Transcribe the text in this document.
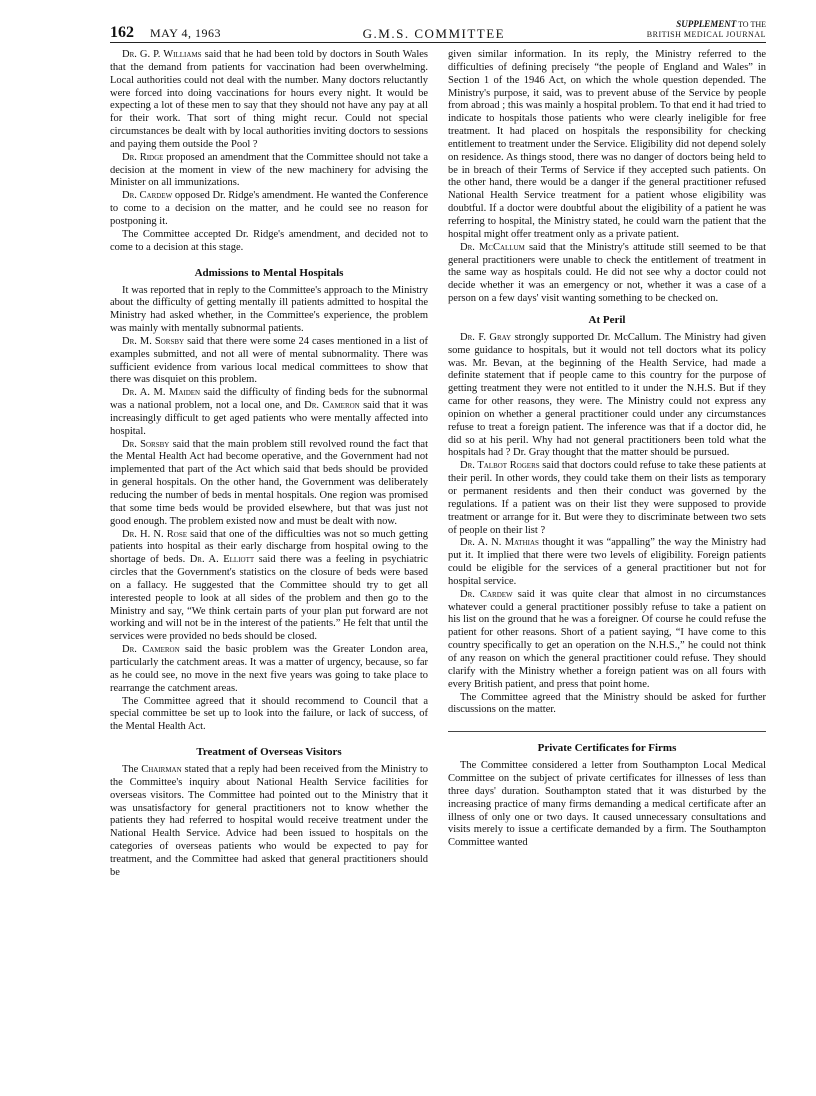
162 MAY 4, 1963	G.M.S. COMMITTEE
SUPPLEMENT TO THE
BRITISH MEDICAL JOURNAL

Dr. G. P. Williams said that he had been told by doctors in South Wales that the demand from patients for vaccination had been overwhelming. Local authorities could not deal with the number. Many doctors reluctantly were forced into doing vaccinations for hours every night. It would be expecting a lot of these men to say that they should not have any pay at all for their work. That sort of thing might recur. Could not special circumstances be dealt with by local authorities inviting doctors to sessions and paying them outside the Pool ?

Dr. Ridge proposed an amendment that the Committee should not take a decision at the moment in view of the new machinery for advising the Minister on all immunizations.

Dr. Cardew opposed Dr. Ridge's amendment. He wanted the Conference to come to a decision on the matter, and he could see no reason for postponing it.

The Committee accepted Dr. Ridge's amendment, and decided not to come to a decision at this stage.

Admissions to Mental Hospitals

It was reported that in reply to the Committee's approach to the Ministry about the difficulty of getting mentally ill patients admitted to hospital the Ministry had asked whether, in the Committee's experience, the problem was mainly with mentally subnormal patients.

Dr. M. Sorsby said that there were some 24 cases mentioned in a list of examples submitted, and not all were of mental subnormality. There was sufficient evidence from various local medical committees to show that there was disquiet on this problem.

Dr. A. M. Maiden said the difficulty of finding beds for the subnormal was a national problem, not a local one, and Dr. Cameron said that it was increasingly difficult to get aged patients who were mentally affected into hospital.

Dr. Sorsby said that the main problem still revolved round the fact that the Mental Health Act had become operative, and the Government had not implemented that part of the Act which said that beds should be provided in general hospitals. On the other hand, the Government was deliberately reducing the number of beds in mental hospitals. One region was promised that some time beds would be provided elsewhere, but that was just not good enough. The problem existed now and must be dealt with now.

Dr. H. N. Rose said that one of the difficulties was not so much getting patients into hospital as their early discharge from hospital owing to the shortage of beds. Dr. A. Elliott said there was a feeling in psychiatric circles that the Government's statistics on the closure of beds were based on a fallacy. He suggested that the Committee should try to get all interested people to look at all sides of the problem and then go to the Ministry and say, “We think certain parts of your plan put forward are not working and will not be in the interest of the patients.” He felt that until the services were provided no beds should be closed.

Dr. Cameron said the basic problem was the Greater London area, particularly the catchment areas. It was a matter of urgency, because, so far as he could see, no move in the next five years was going to take place to rearrange the catchment areas.

The Committee agreed that it should recommend to Council that a special committee be set up to look into the failure, or lack of success, of the Mental Health Act.

Treatment of Overseas Visitors

The Chairman stated that a reply had been received from the Ministry to the Committee's inquiry about National Health Service facilities for overseas visitors. The Committee had pointed out to the Ministry that it was unsatisfactory for general practitioners not to know whether the patients they had referred to hospital would receive treatment under the National Health Service. Advice had been issued to hospitals on the categories of overseas patients who would be expected to pay for treatment, and the Committee had asked that general practitioners should be

given similar information. In its reply, the Ministry referred to the difficulties of defining precisely “the people of England and Wales” in Section 1 of the 1946 Act, on which the whole question depended. The Ministry's purpose, it said, was to prevent abuse of the Service by people from abroad ; this was mainly a hospital problem. To that end it had tried to indicate to hospitals those patients who were clearly ineligible for free treatment. It had placed on hospitals the responsibility for checking entitlement to treatment under the Service. Eligibility did not depend solely on residence. As things stood, there was no danger of doctors being held to be in breach of their Terms of Service if they accepted such patients. On the other hand, there would be a danger if the general practitioner refused National Health Service treatment for a patient whose eligibility was doubtful. If a doctor were doubtful about the eligibility of a patient he was referring to hospital, the Ministry stated, he could warn the patient that the hospital might offer treatment only as a private patient.

Dr. McCallum said that the Ministry's attitude still seemed to be that general practitioners were unable to check the entitlement of treatment in the same way as hospitals could. He did not see why a doctor could not decide whether it was an emergency or not, whether it was a case of a person on a few days' visit wanting something to be checked on.

At Peril

Dr. F. Gray strongly supported Dr. McCallum. The Ministry had given some guidance to hospitals, but it would not tell doctors what its policy was. Mr. Bevan, at the beginning of the Health Service, had made a definite statement that if people came to this country for the purpose of getting treatment they were not entitled to it under the N.H.S. But if they came for other reasons, they were. The Ministry could not express any opinion on whether a general practitioner could under any circumstances refuse to treat a foreign patient. The inference was that if a doctor did, he did so at his peril. Why had not general practitioners been told what the hospitals had ? Dr. Gray thought that the matter should be pursued.

Dr. Talbot Rogers said that doctors could refuse to take these patients at their peril. In other words, they could take them on their lists as temporary or permanent residents and then their conduct was governed by the regulations. If a patient was on their list they were supposed to provide treatment or arrange for it. But were they to discriminate between two sets of people on their list ?

Dr. A. N. Mathias thought it was “appalling” the way the Ministry had put it. It implied that there were two levels of eligibility. Foreign patients could be eligible for the services of a general practitioner but not for hospital service.

Dr. Cardew said it was quite clear that almost in no circumstances whatever could a general practitioner possibly refuse to take a patient on his list on the ground that he was a foreigner. Of course he could refuse the patient for other reasons. Short of a patient saying, “I have come to this country specifically to get an operation on the N.H.S.,” he could not think of any reason on which the general practitioner could refuse. They should clarify with the Ministry whether a foreign patient was on all fours with every British patient, and press that point home.

The Committee agreed that the Ministry should be asked for further discussions on the matter.

Private Certificates for Firms

The Committee considered a letter from Southampton Local Medical Committee on the subject of private certificates for illnesses of less than three days' duration. Southampton stated that it was disturbed by the increasing practice of many firms demanding a medical certificate after an illness of only one or two days. It caused unnecessary consultations and visits merely to issue a certificate demanded by a firm. The Southampton Committee wanted
